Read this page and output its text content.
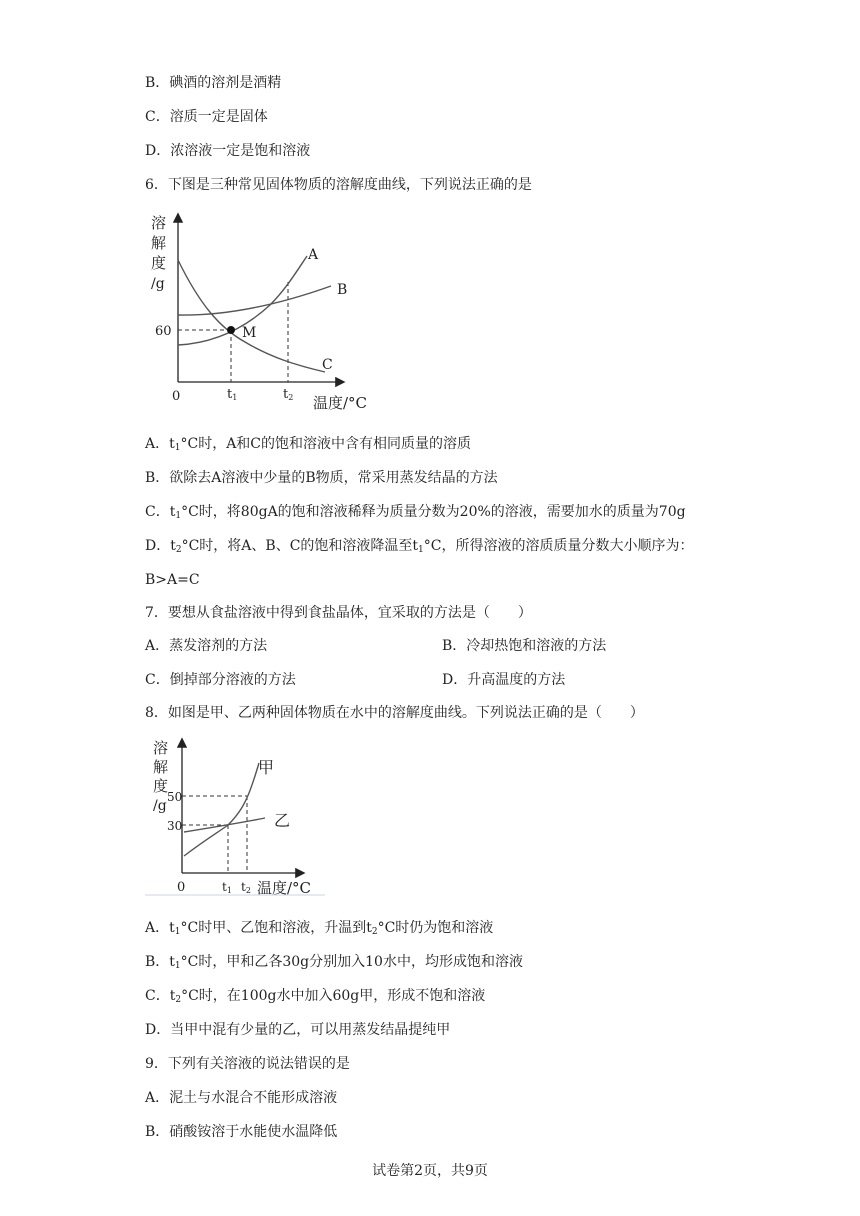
B．碘酒的溶剂是酒精
C．溶质一定是固体
D．浓溶液一定是饱和溶液
6．下图是三种常见固体物质的溶解度曲线，下列说法正确的是
溶
解
度
/g
60
0	t1	t2 温度/°C
M
A
B
C
A．$t_1^\circ C$时，A和C的饱和溶液中含有相同质量的溶质
B．欲除去A溶液中少量的B物质，常采用蒸发结晶的方法
C．$t_1^\circ C$时，将80gA的饱和溶液稀释为质量分数为20%的溶液，需要加水的质量为70g
D．$t_2^\circ C$时，将A、B、C的饱和溶液降温至$t_1^\circ C$，所得溶液的溶质质量分数大小顺序为：
B>A=C
7．要想从食盐溶液中得到食盐晶体，宜采取的方法是（　　）
A．蒸发溶剂的方法	B．冷却热饱和溶液的方法
C．倒掉部分溶液的方法	D．升高温度的方法
8．如图是甲、乙两种固体物质在水中的溶解度曲线。下列说法正确的是（　　）
溶
解
度
/g
50
30
0	t1 t2 温度/°C
甲
乙
A．$t_1^\circ C$时甲、乙饱和溶液，升温到$t_2^\circ C$时仍为饱和溶液
B．$t_1^\circ C$时，甲和乙各30g分别加入10水中，均形成饱和溶液
C．$t_2^\circ C$时，在100g水中加入60g甲，形成不饱和溶液
D．当甲中混有少量的乙，可以用蒸发结晶提纯甲
9．下列有关溶液的说法错误的是
A．泥土与水混合不能形成溶液
B．硝酸铵溶于水能使水温降低
试卷第2页，共9页
